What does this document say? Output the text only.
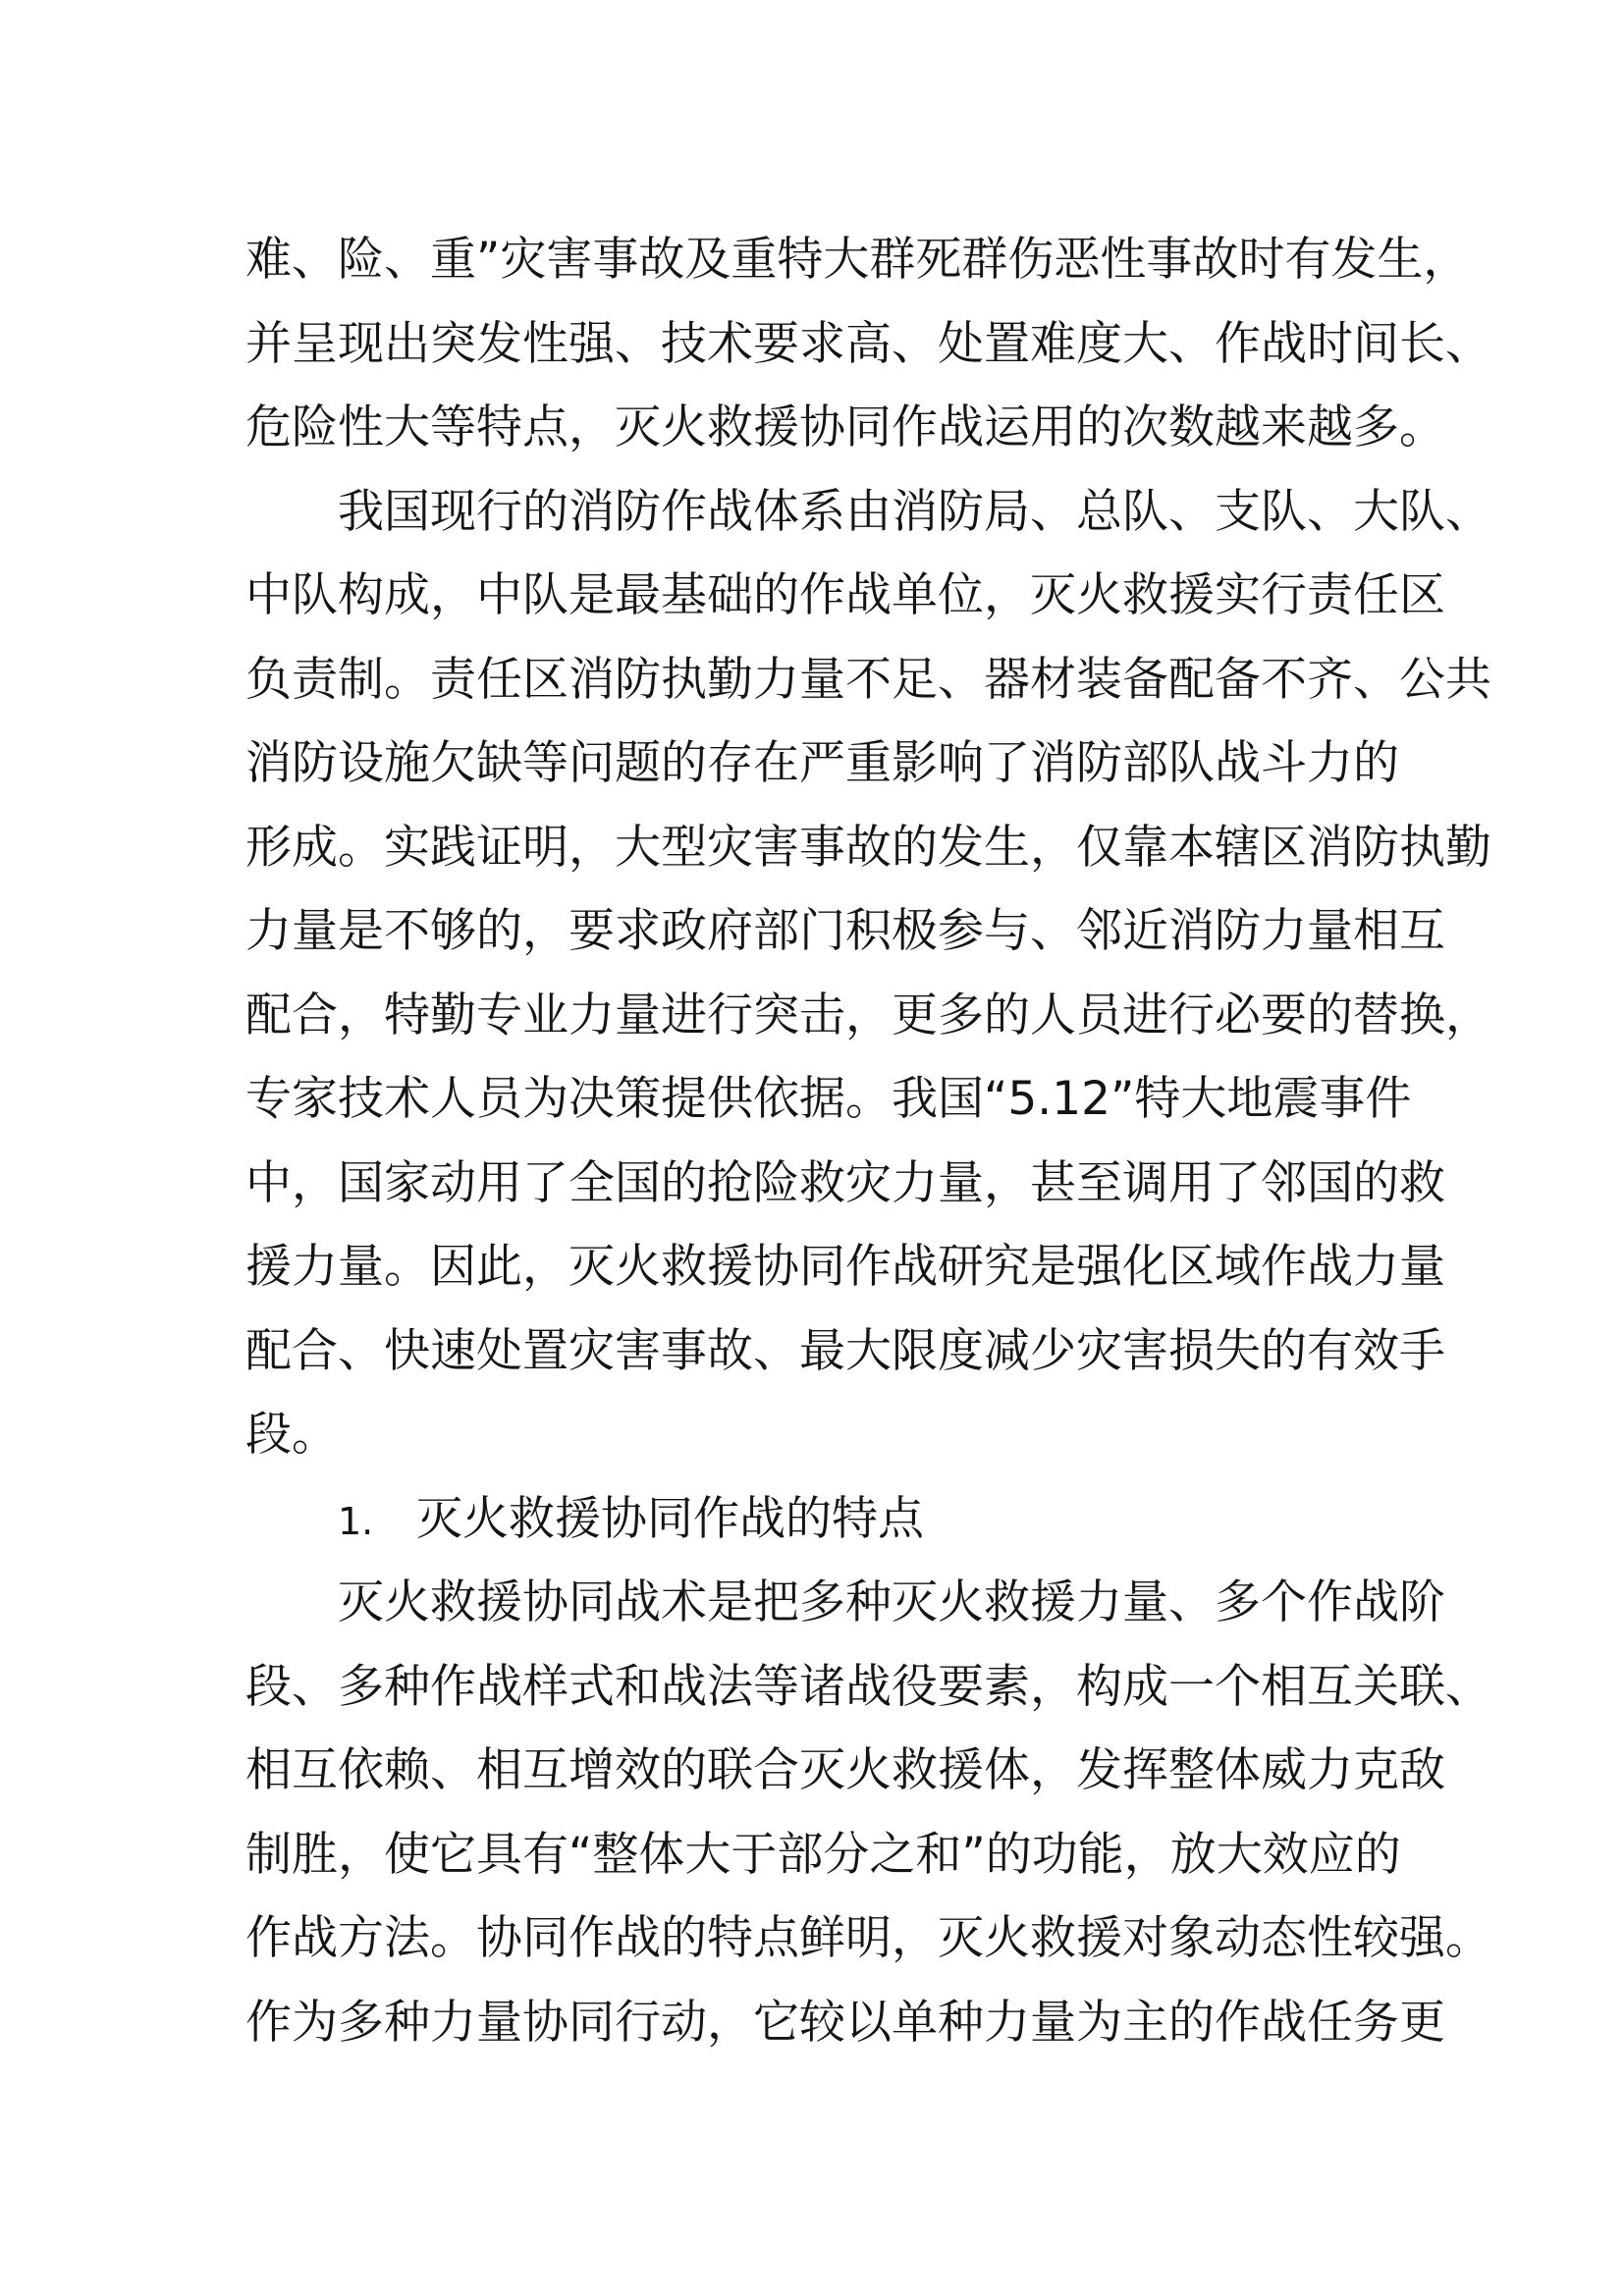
难、险、重”灾害事故及重特大群死群伤恶性事故时有发生，
并呈现出突发性强、技术要求高、处置难度大、作战时间长、
危险性大等特点，灭火救援协同作战运用的次数越来越多。
我国现行的消防作战体系由消防局、总队、支队、大队、
中队构成，中队是最基础的作战单位，灭火救援实行责任区
负责制。责任区消防执勤力量不足、器材装备配备不齐、公共
消防设施欠缺等问题的存在严重影响了消防部队战斗力的
形成。实践证明，大型灾害事故的发生，仅靠本辖区消防执勤
力量是不够的，要求政府部门积极参与、邻近消防力量相互
配合，特勤专业力量进行突击，更多的人员进行必要的替换，
专家技术人员为决策提供依据。我国“5.12”特大地震事件
中，国家动用了全国的抢险救灾力量，甚至调用了邻国的救
援力量。因此，灭火救援协同作战研究是强化区域作战力量
配合、快速处置灾害事故、最大限度减少灾害损失的有效手
段。
1. 灭火救援协同作战的特点
灭火救援协同战术是把多种灭火救援力量、多个作战阶
段、多种作战样式和战法等诸战役要素，构成一个相互关联、
相互依赖、相互增效的联合灭火救援体，发挥整体威力克敌
制胜，使它具有“整体大于部分之和”的功能，放大效应的
作战方法。协同作战的特点鲜明，灭火救援对象动态性较强。
作为多种力量协同行动，它较以单种力量为主的作战任务更
